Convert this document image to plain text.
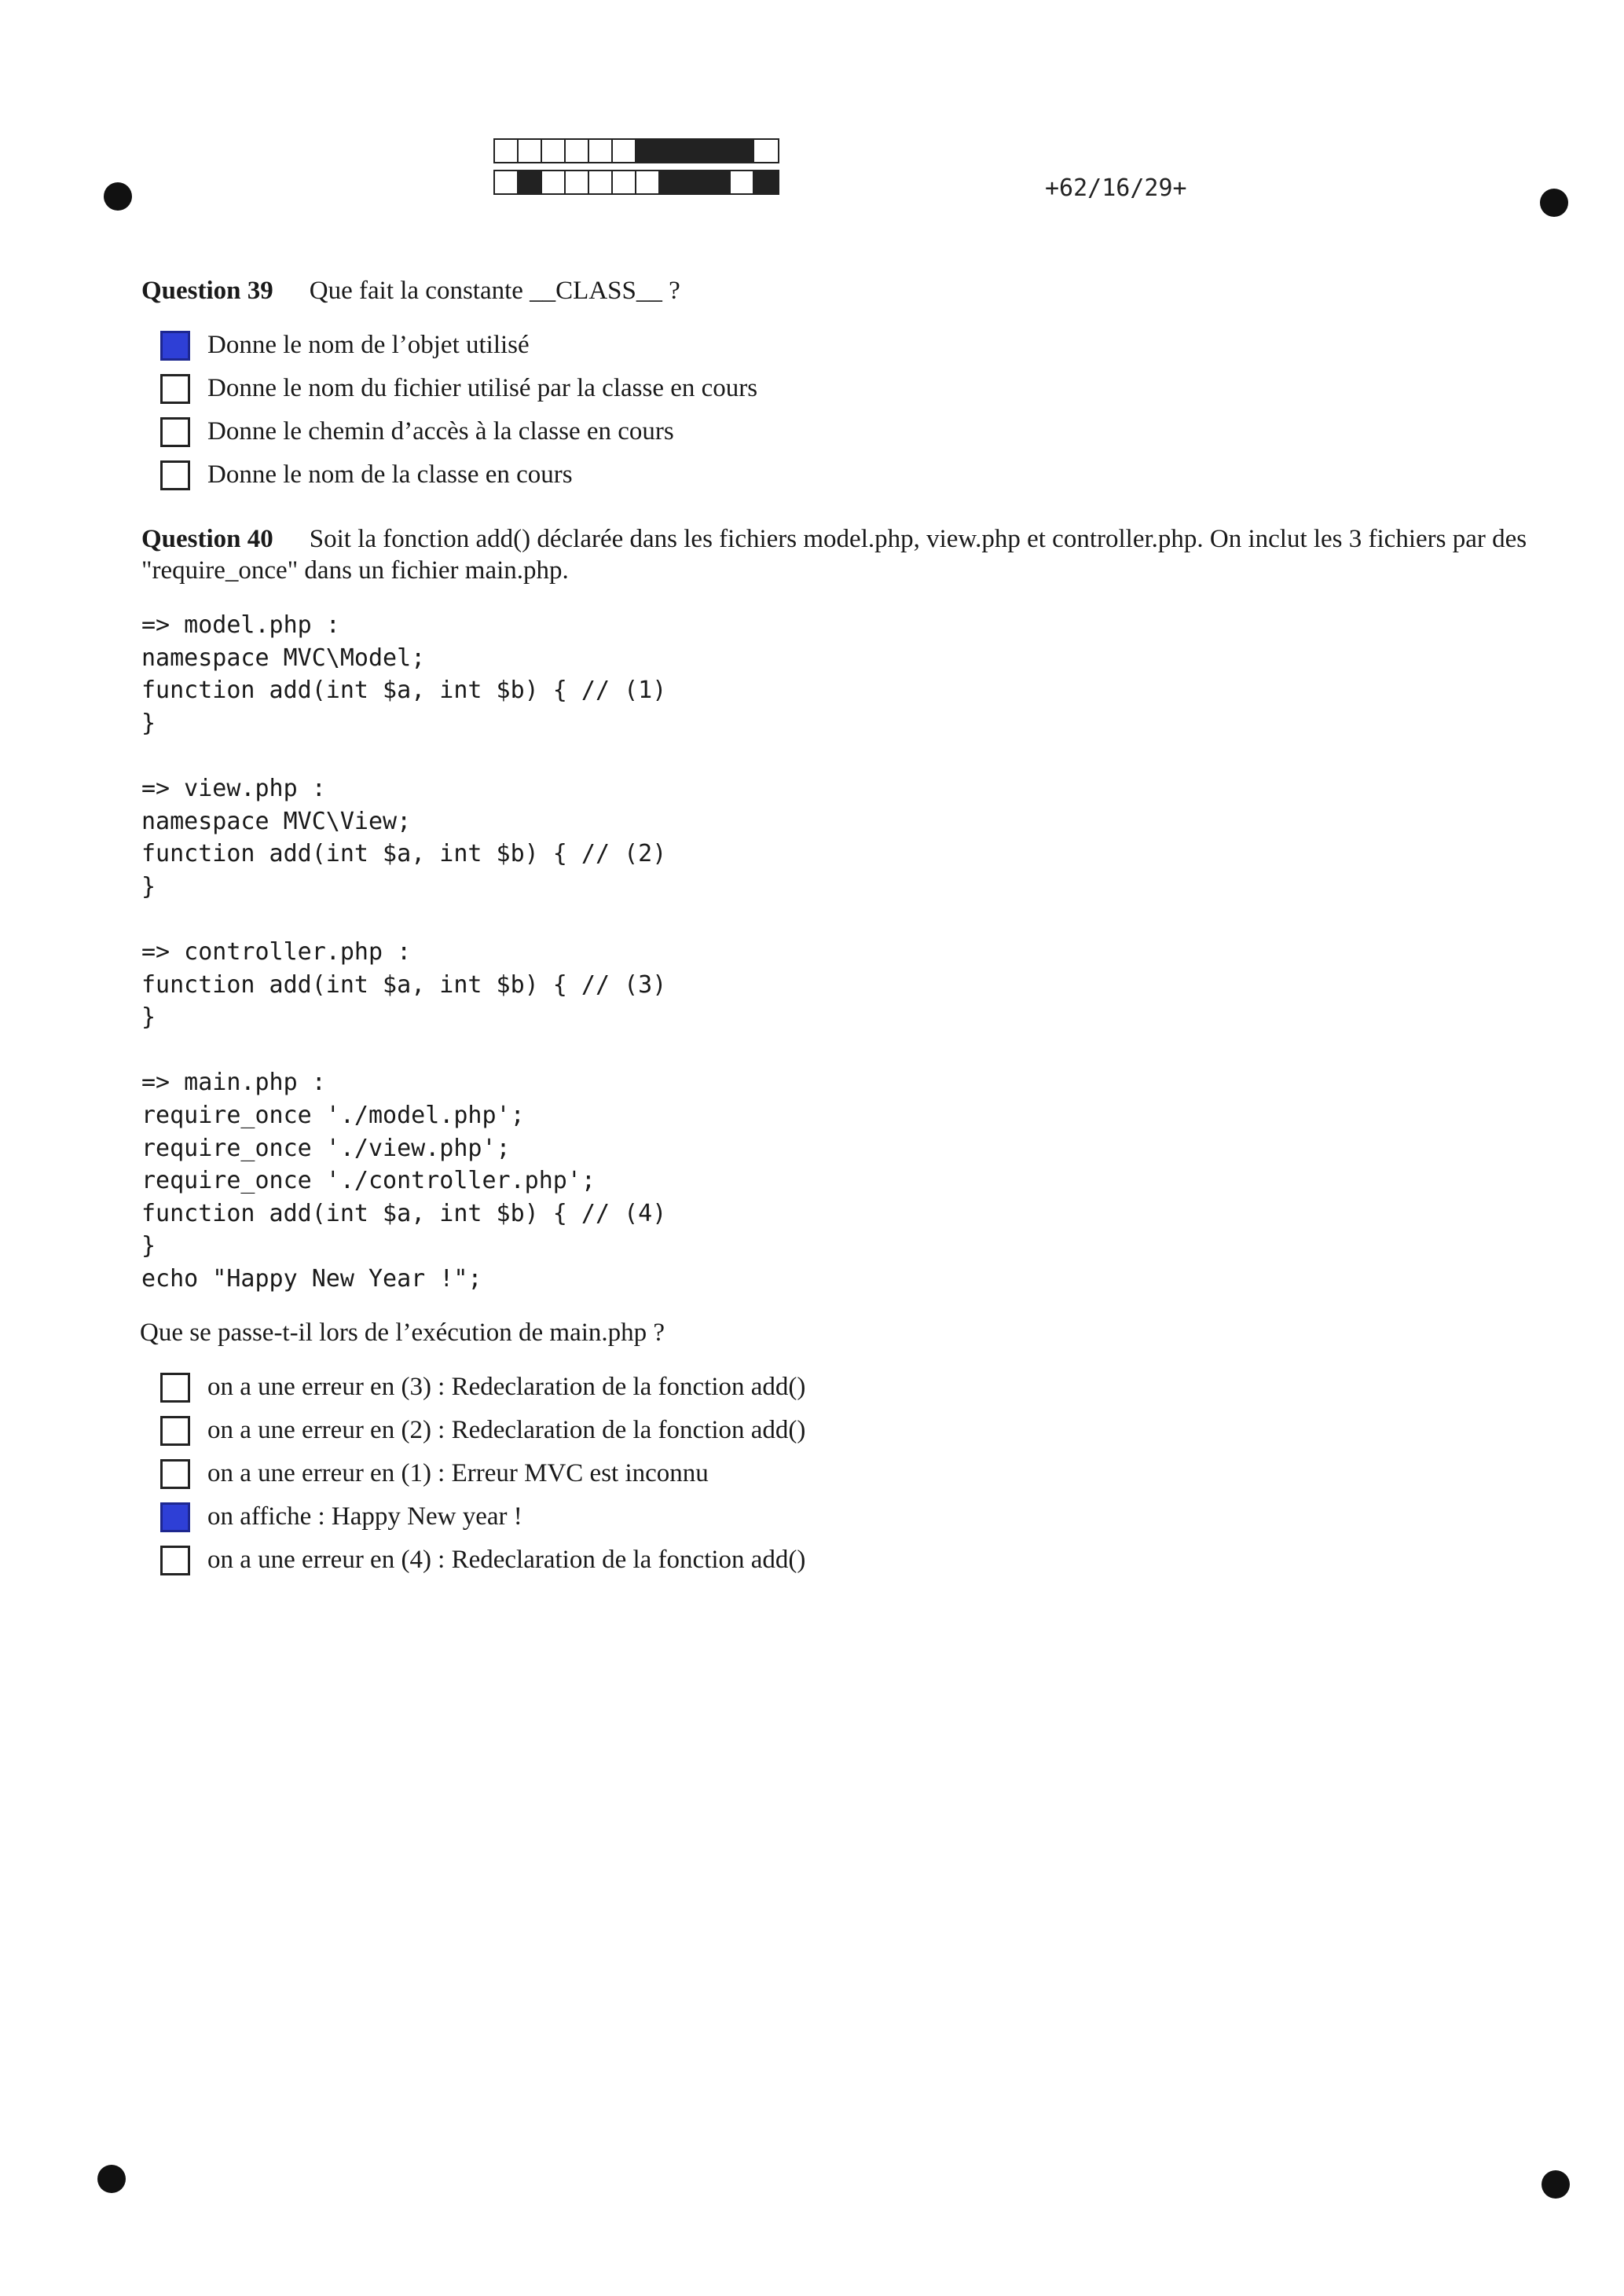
+62/16/29+
Question 39 Que fait la constante __CLASS__ ?
Donne le nom de l’objet utilisé
Donne le nom du fichier utilisé par la classe en cours
Donne le chemin d’accès à la classe en cours
Donne le nom de la classe en cours
Question 40 Soit la fonction add() déclarée dans les fichiers model.php, view.php et controller.php. On inclut les 3 fichiers par des "require_once" dans un fichier main.php.
=> model.php :
namespace MVC\Model;
function add(int $a, int $b) { // (1)
}

=> view.php :
namespace MVC\View;
function add(int $a, int $b) { // (2)
}

=> controller.php :
function add(int $a, int $b) { // (3)
}

=> main.php :
require_once './model.php';
require_once './view.php';
require_once './controller.php';
function add(int $a, int $b) { // (4)
}
echo "Happy New Year !";
Que se passe-t-il lors de l’exécution de main.php ?
on a une erreur en (3) : Redeclaration de la fonction add()
on a une erreur en (2) : Redeclaration de la fonction add()
on a une erreur en (1) : Erreur MVC est inconnu
on affiche : Happy New year !
on a une erreur en (4) : Redeclaration de la fonction add()
